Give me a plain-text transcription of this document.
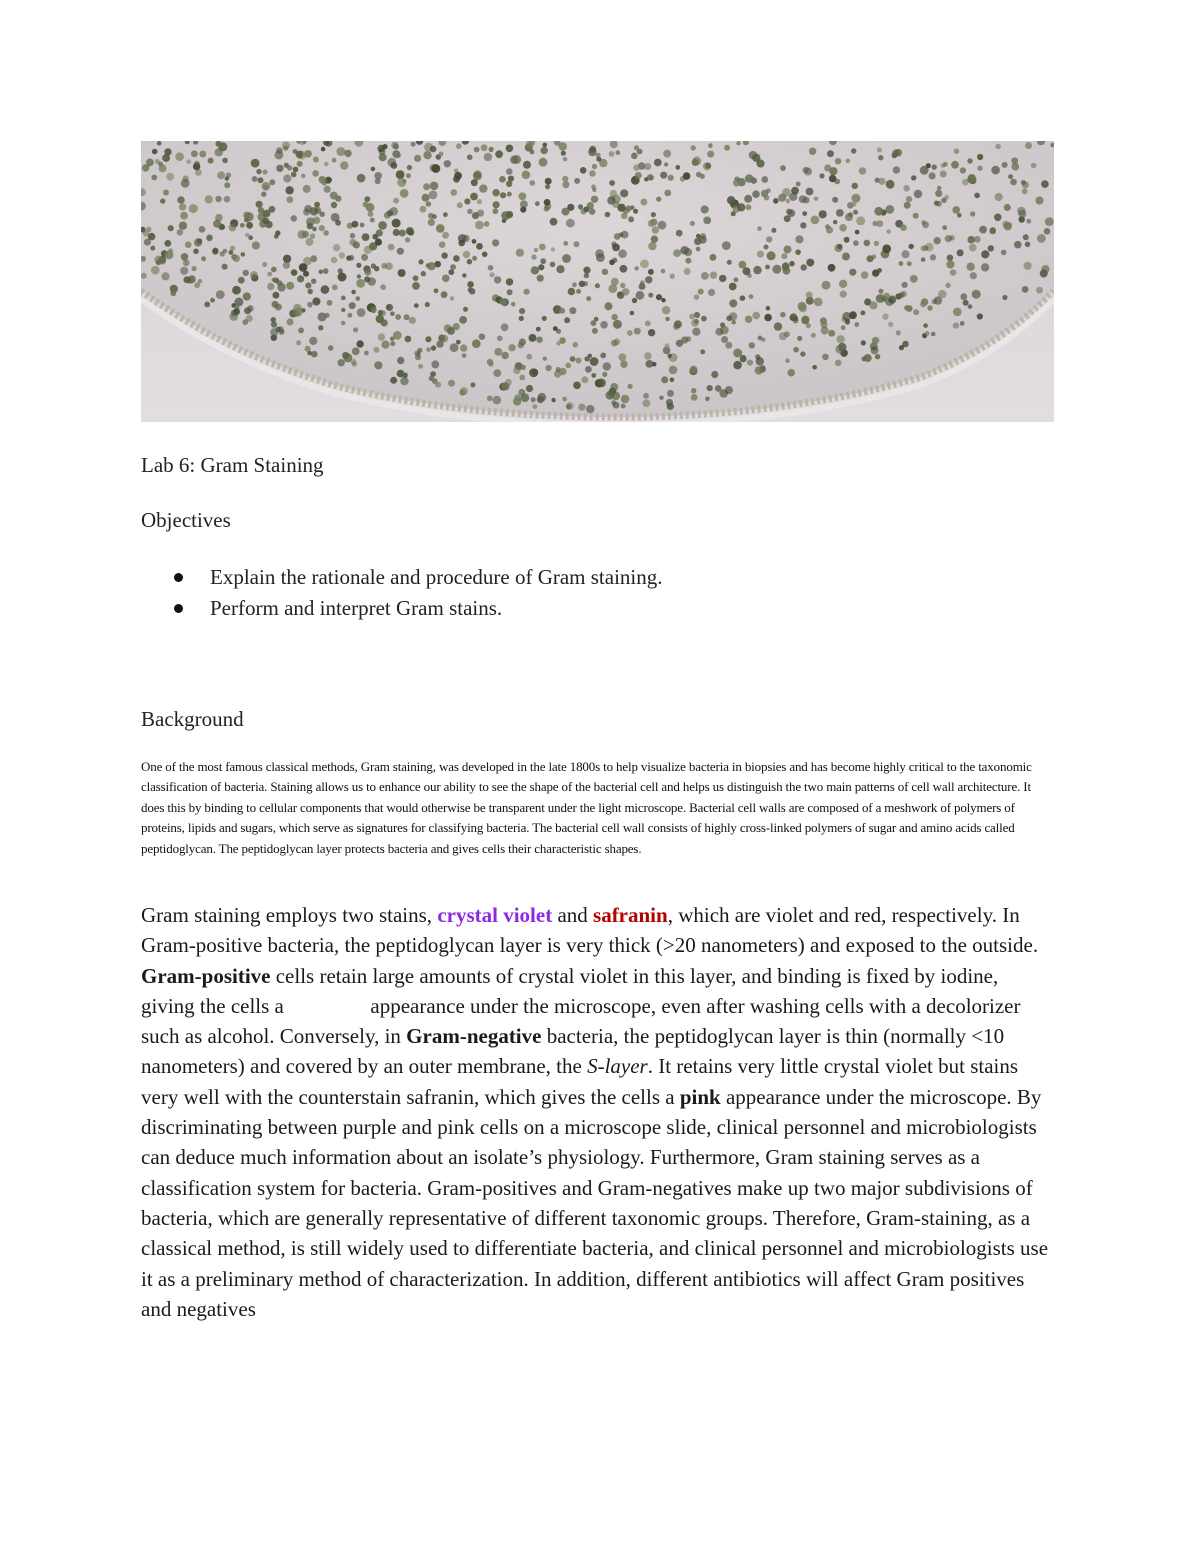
Lab 6: Gram Staining
Objectives
Explain the rationale and procedure of Gram staining.
Perform and interpret Gram stains.
Background

One of the most famous classical methods, Gram staining, was developed in the late 1800s to help visualize bacteria in biopsies and has become highly critical to the taxonomic classification of bacteria. Staining allows us to enhance our ability to see the shape of the bacterial cell and helps us distinguish the two main patterns of cell wall architecture. It does this by binding to cellular components that would otherwise be transparent under the light microscope. Bacterial cell walls are composed of a meshwork of polymers of proteins, lipids and sugars, which serve as signatures for classifying bacteria. The bacterial cell wall consists of highly cross-linked polymers of sugar and amino acids called peptidoglycan. The peptidoglycan layer protects bacteria and gives cells their characteristic shapes.

Gram staining employs two stains, crystal violet and safranin, which are violet and red, respectively. In Gram-positive bacteria, the peptidoglycan layer is very thick (>20 nanometers) and exposed to the outside. Gram-positive cells retain large amounts of crystal violet in this layer, and binding is fixed by iodine, giving the cells a	appearance under the microscope, even after washing cells with a decolorizer such as alcohol. Conversely, in Gram-negative bacteria, the peptidoglycan layer is thin (normally <10 nanometers) and covered by an outer membrane, the S-layer. It retains very little crystal violet but stains very well with the counterstain safranin, which gives the cells a pink appearance under the microscope. By discriminating between purple and pink cells on a microscope slide, clinical personnel and microbiologists can deduce much information about an isolate’s physiology. Furthermore, Gram staining serves as a classification system for bacteria. Gram-positives and Gram-negatives make up two major subdivisions of bacteria, which are generally representative of different taxonomic groups. Therefore, Gram-staining, as a classical method, is still widely used to differentiate bacteria, and clinical personnel and microbiologists use it as a preliminary method of characterization. In addition, different antibiotics will affect Gram positives and negatives
